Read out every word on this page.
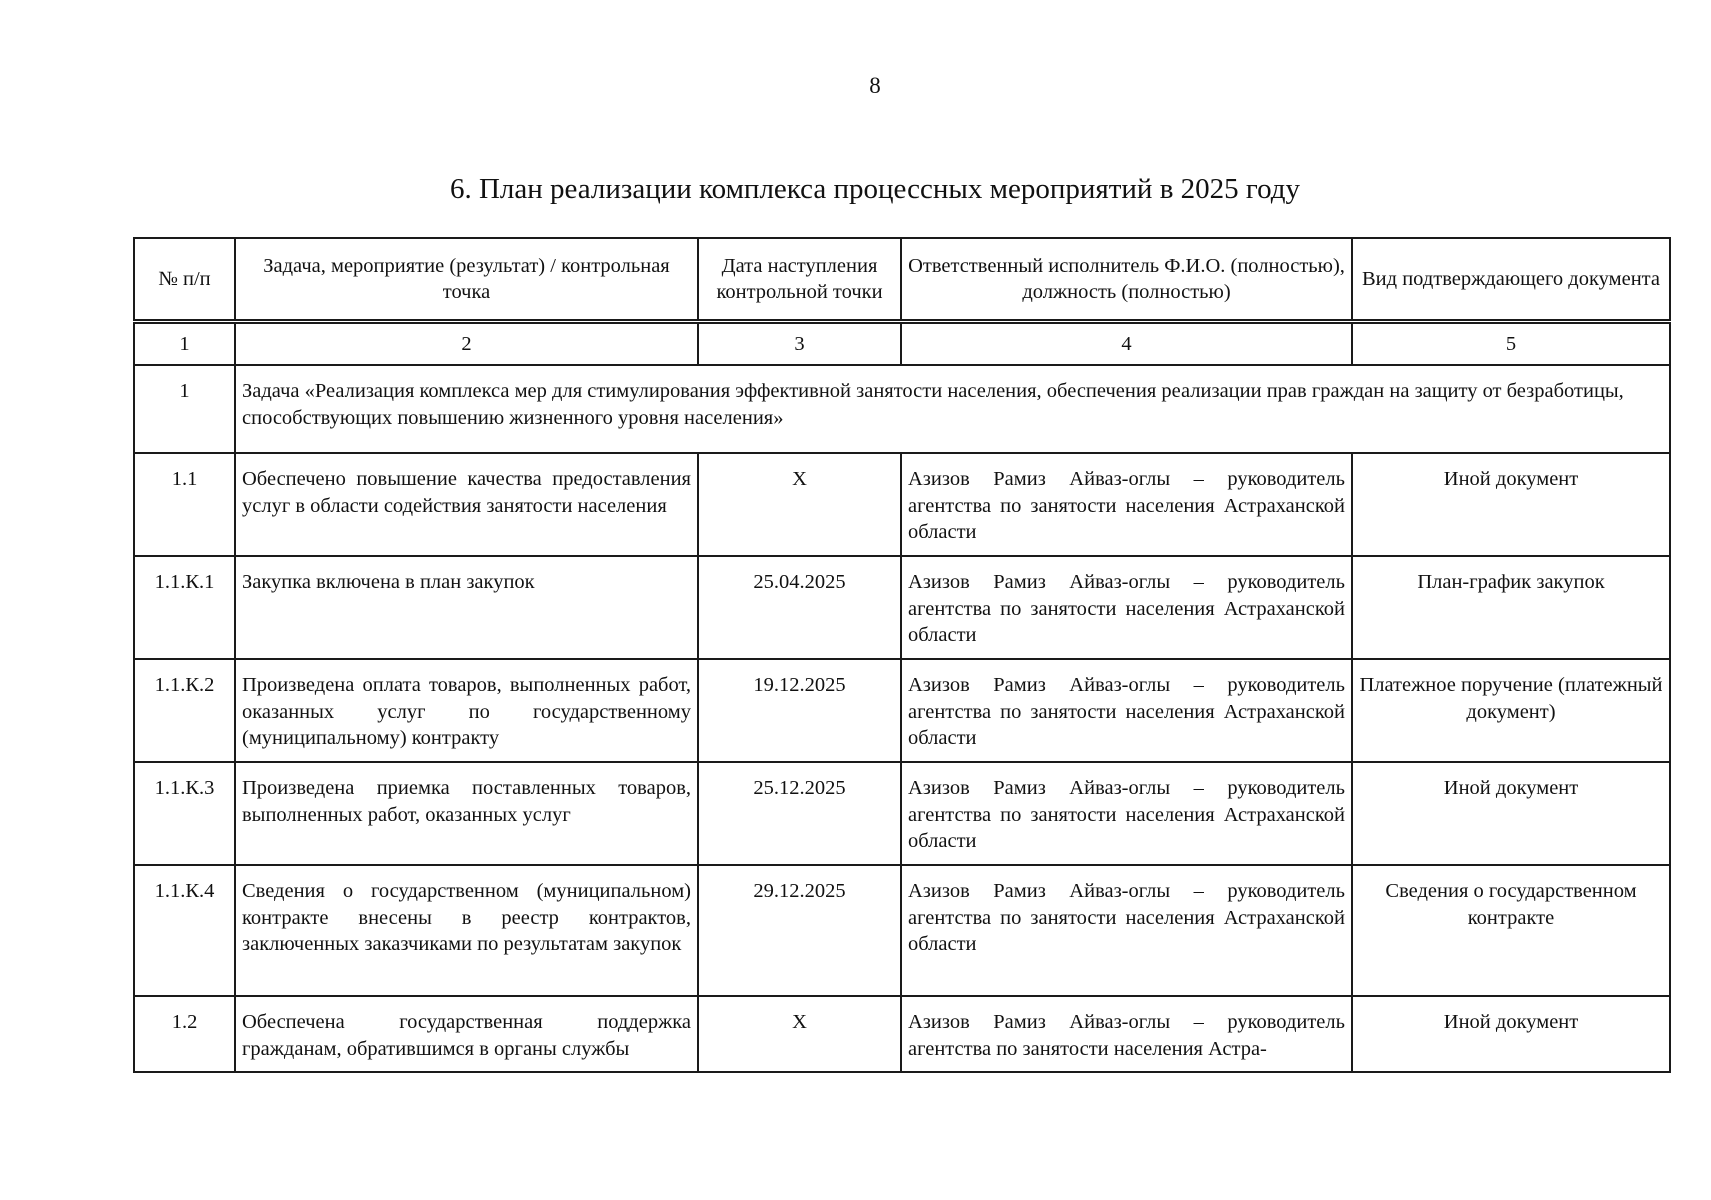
8
6. План реализации комплекса процессных мероприятий в 2025 году
№ п/п	Задача, мероприятие (результат) / контрольная точка	Дата наступления контрольной точки	Ответственный исполнитель Ф.И.О. (полностью), должность (полностью)	Вид подтверждающего документа
1	2	3	4	5
1	Задача «Реализация комплекса мер для стимулирования эффективной занятости населения, обеспечения реализации прав граждан на защиту от безработицы, способствующих повышению жизненного уровня населения»			
1.1	Обеспечено повышение качества предоставления услуг в области содействия занятости населения	X	Азизов Рамиз Айваз-оглы – руководитель агентства по занятости населения Астраханской области	Иной документ
1.1.К.1	Закупка включена в план закупок	25.04.2025	Азизов Рамиз Айваз-оглы – руководитель агентства по занятости населения Астраханской области	План-график закупок
1.1.К.2	Произведена оплата товаров, выполненных работ, оказанных услуг по государственному (муниципальному) контракту	19.12.2025	Азизов Рамиз Айваз-оглы – руководитель агентства по занятости населения Астраханской области	Платежное поручение (платежный документ)
1.1.К.3	Произведена приемка поставленных товаров, выполненных работ, оказанных услуг	25.12.2025	Азизов Рамиз Айваз-оглы – руководитель агентства по занятости населения Астраханской области	Иной документ
1.1.К.4	Сведения о государственном (муниципальном) контракте внесены в реестр контрактов, заключенных заказчиками по результатам закупок	29.12.2025	Азизов Рамиз Айваз-оглы – руководитель агентства по занятости населения Астраханской области	Сведения о государственном контракте
1.2	Обеспечена государственная поддержка гражданам, обратившимся в органы службы	X	Азизов Рамиз Айваз-оглы – руководитель агентства по занятости населения Астра-	Иной документ
